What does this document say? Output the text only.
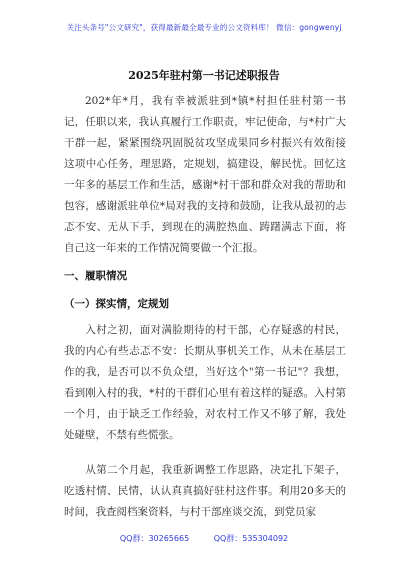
关注头条号"公文研究"，获得最新最全最专业的公文资料库！ 微信：gongwenyj
2025年驻村第一书记述职报告

202*年*月，我有幸被派驻到*镇*村担任驻村第一书记，任职以来，我认真履行工作职责，牢记使命，与*村广大干群一起，紧紧围绕巩固脱贫攻坚成果同乡村振兴有效衔接这项中心任务，理思路，定规划，搞建设，解民忧。回忆这一年多的基层工作和生活，感谢*村干部和群众对我的帮助和包容，感谢派驻单位*局对我的支持和鼓励，让我从最初的忐忑不安、无从下手，到现在的满腔热血、踌躇满志下面，将自己这一年来的工作情况简要做一个汇报。

一、履职情况
（一）探实情，定规划

入村之初，面对满脸期待的村干部，心存疑惑的村民，我的内心有些忐忑不安：长期从事机关工作，从未在基层工作的我，是否可以不负众望，当好这个"第一书记"？我想，看到刚入村的我，*村的干群们心里有着这样的疑惑。入村第一个月，由于缺乏工作经验，对农村工作又不够了解，我处处碰壁，不禁有些慌张。

从第二个月起，我重新调整工作思路，决定扎下架子，吃透村情、民情，认认真真搞好驻村这件事。利用20多天的时间，我查阅档案资料，与村干部座谈交流，到党员家

QQ群：30265665	QQ群：535304092
